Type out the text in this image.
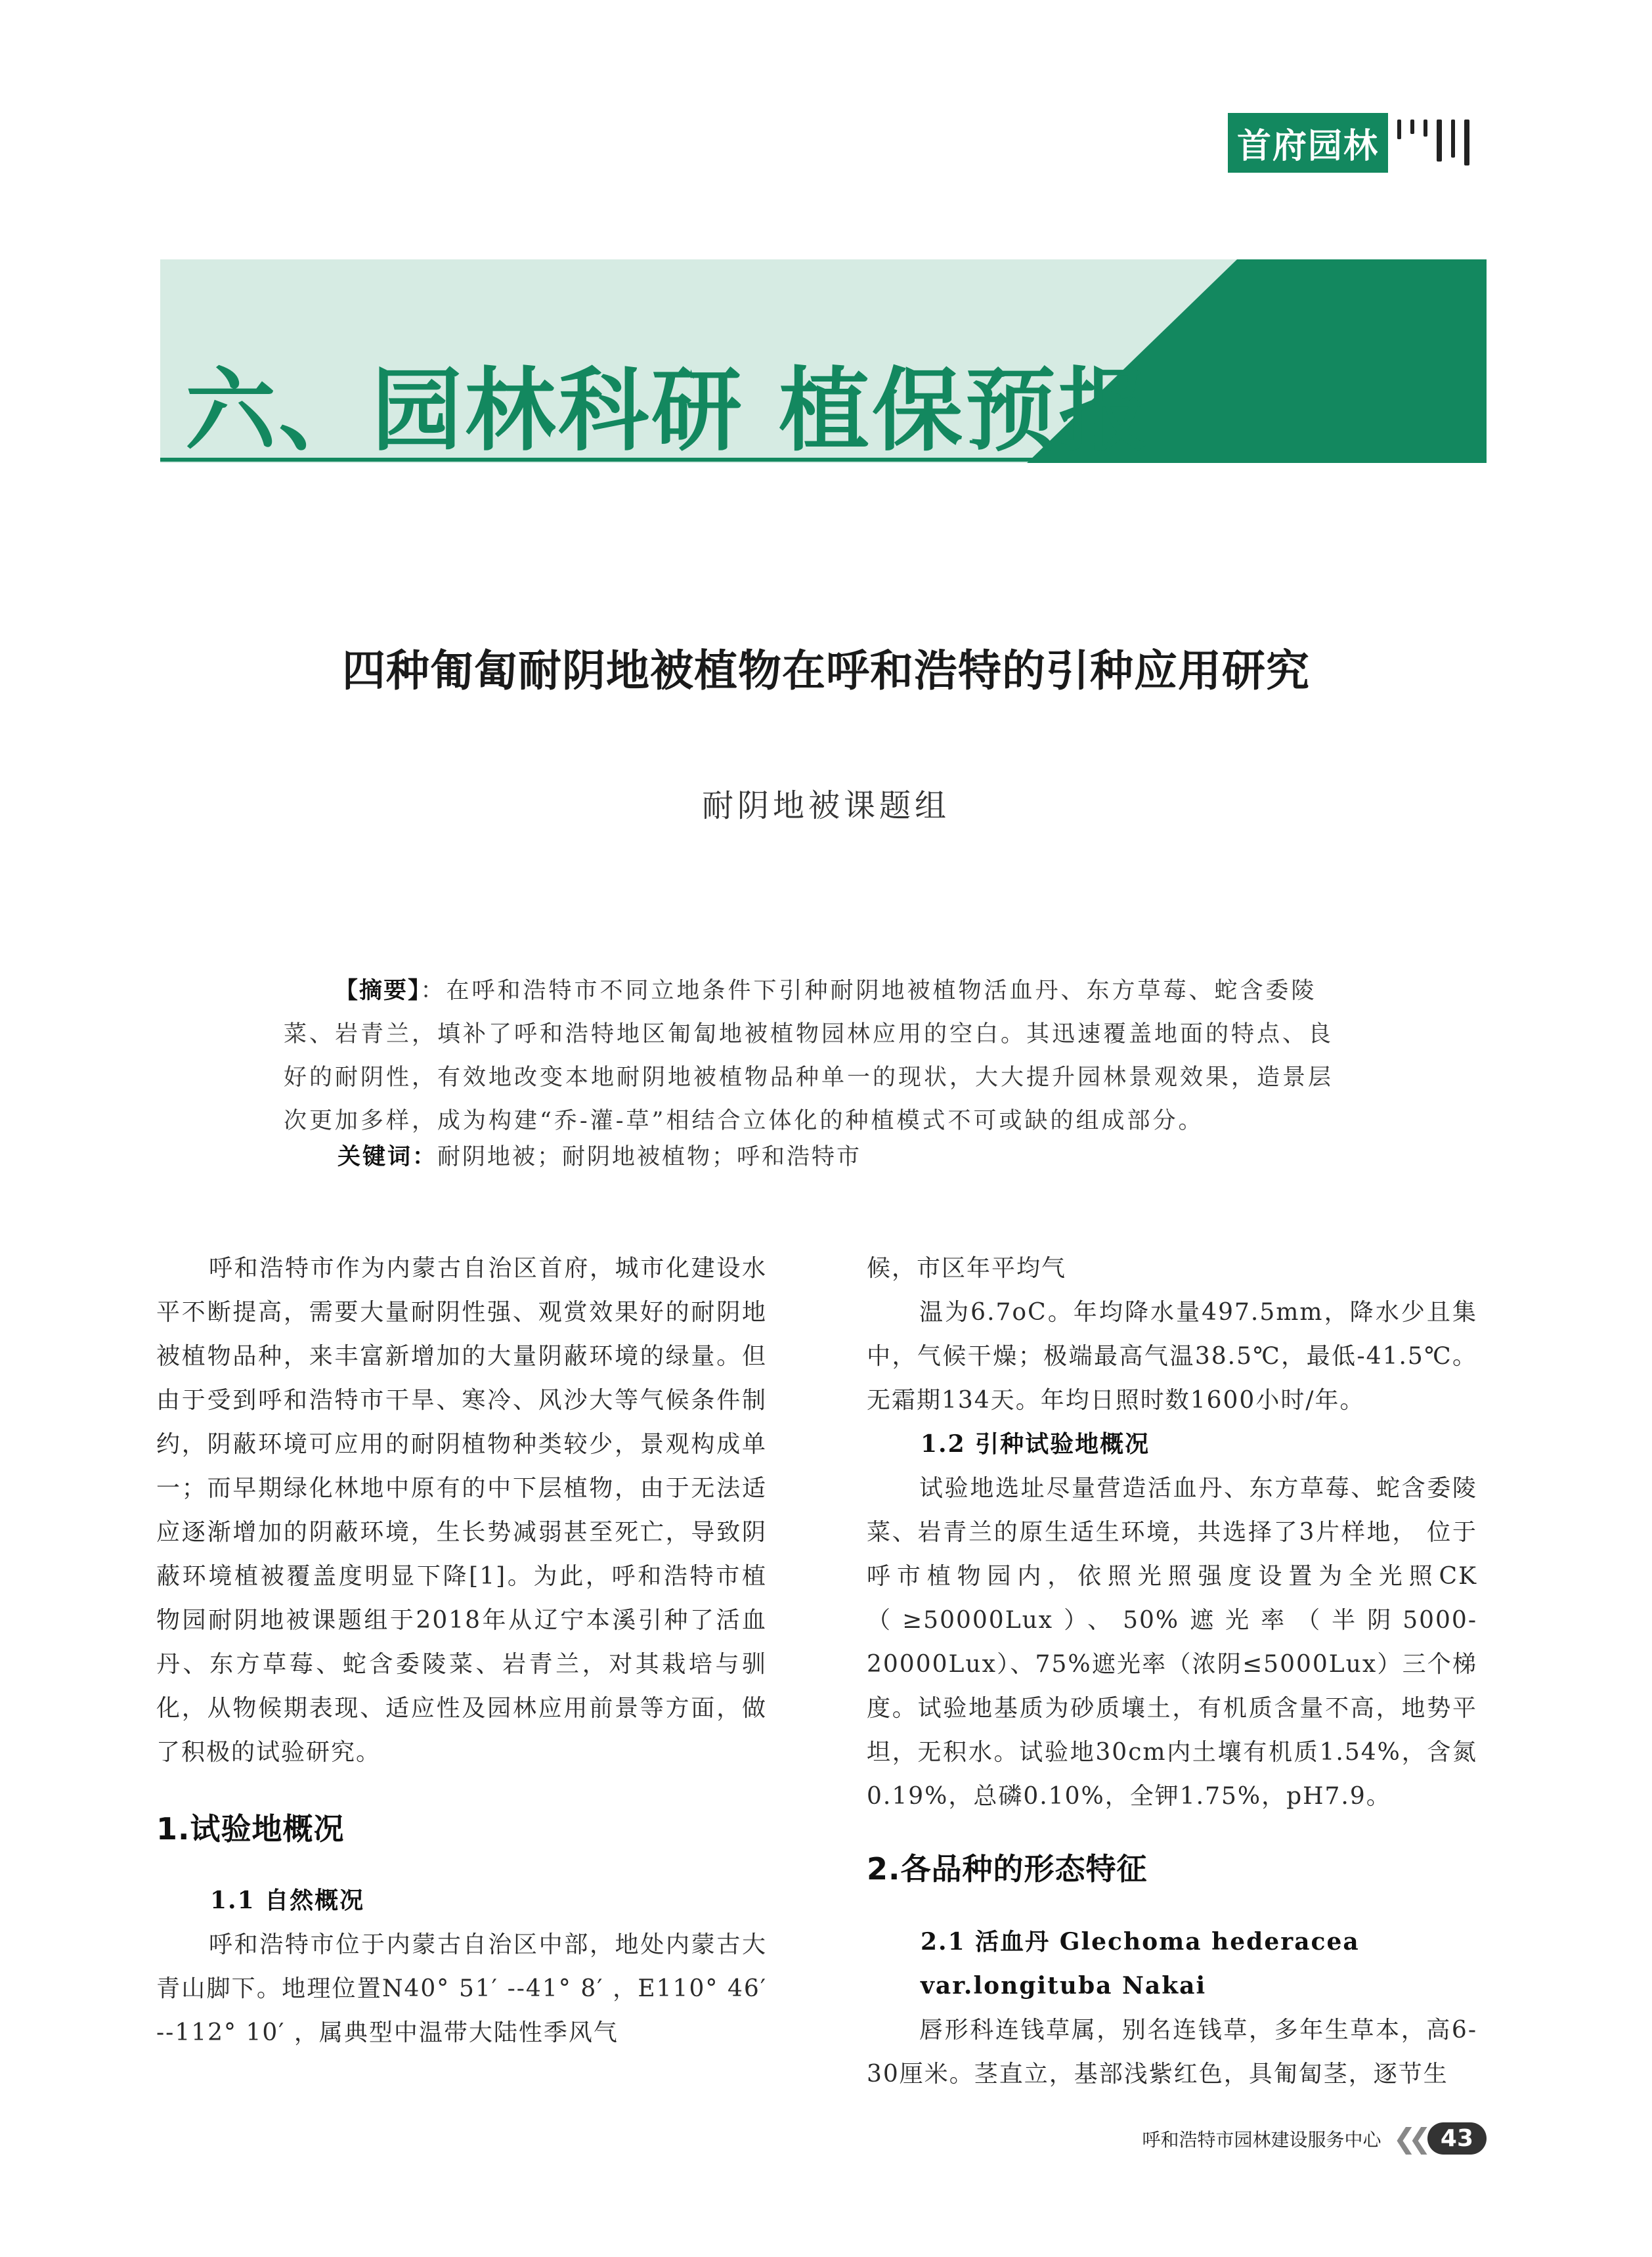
首府园林
六、园林科研 植保预报
四种匍匐耐阴地被植物在呼和浩特的引种应用研究
耐阴地被课题组

【摘要】：在呼和浩特市不同立地条件下引种耐阴地被植物活血丹、东方草莓、蛇含委陵菜、岩青兰，填补了呼和浩特地区匍匐地被植物园林应用的空白。其迅速覆盖地面的特点、良好的耐阴性，有效地改变本地耐阴地被植物品种单一的现状，大大提升园林景观效果，造景层次更加多样，成为构建“乔-灌-草”相结合立体化的种植模式不可或缺的组成部分。

关键词：耐阴地被；耐阴地被植物；呼和浩特市

呼和浩特市作为内蒙古自治区首府，城市化建设水平不断提高，需要大量耐阴性强、观赏效果好的耐阴地被植物品种，来丰富新增加的大量阴蔽环境的绿量。但由于受到呼和浩特市干旱、寒冷、风沙大等气候条件制约，阴蔽环境可应用的耐阴植物种类较少，景观构成单一；而早期绿化林地中原有的中下层植物，由于无法适应逐渐增加的阴蔽环境，生长势减弱甚至死亡，导致阴蔽环境植被覆盖度明显下降[1]。为此，呼和浩特市植物园耐阴地被课题组于2018年从辽宁本溪引种了活血丹、东方草莓、蛇含委陵菜、岩青兰，对其栽培与驯化，从物候期表现、适应性及园林应用前景等方面，做了积极的试验研究。

1.试验地概况

1.1 自然概况

呼和浩特市位于内蒙古自治区中部，地处内蒙古大青山脚下。地理位置N40° 51′ --41° 8′ ，E110° 46′ --112° 10′ ，属典型中温带大陆性季风气

候，市区年平均气

温为6.7oC。年均降水量497.5mm，降水少且集中，气候干燥；极端最高气温38.5℃，最低-41.5℃。无霜期134天。年均日照时数1600小时/年。

1.2 引种试验地概况

试验地选址尽量营造活血丹、东方草莓、蛇含委陵菜、岩青兰的原生适生环境，共选择了3片样地， 位于呼市植物园内，依照光照强度设置为全光照CK（≥50000Lux）、50%遮光率（半阴5000-20000Lux）、75%遮光率（浓阴≤5000Lux）三个梯度。试验地基质为砂质壤土，有机质含量不高，地势平坦，无积水。试验地30cm内土壤有机质1.54%，含氮0.19%，总磷0.10%，全钾1.75%，pH7.9。

2.各品种的形态特征

2.1 活血丹 Glechoma hederacea var.longituba Nakai

唇形科连钱草属，别名连钱草，多年生草本，高6-30厘米。茎直立，基部浅紫红色，具匍匐茎，逐节生

呼和浩特市园林建设服务中心 ❮❮ 43
